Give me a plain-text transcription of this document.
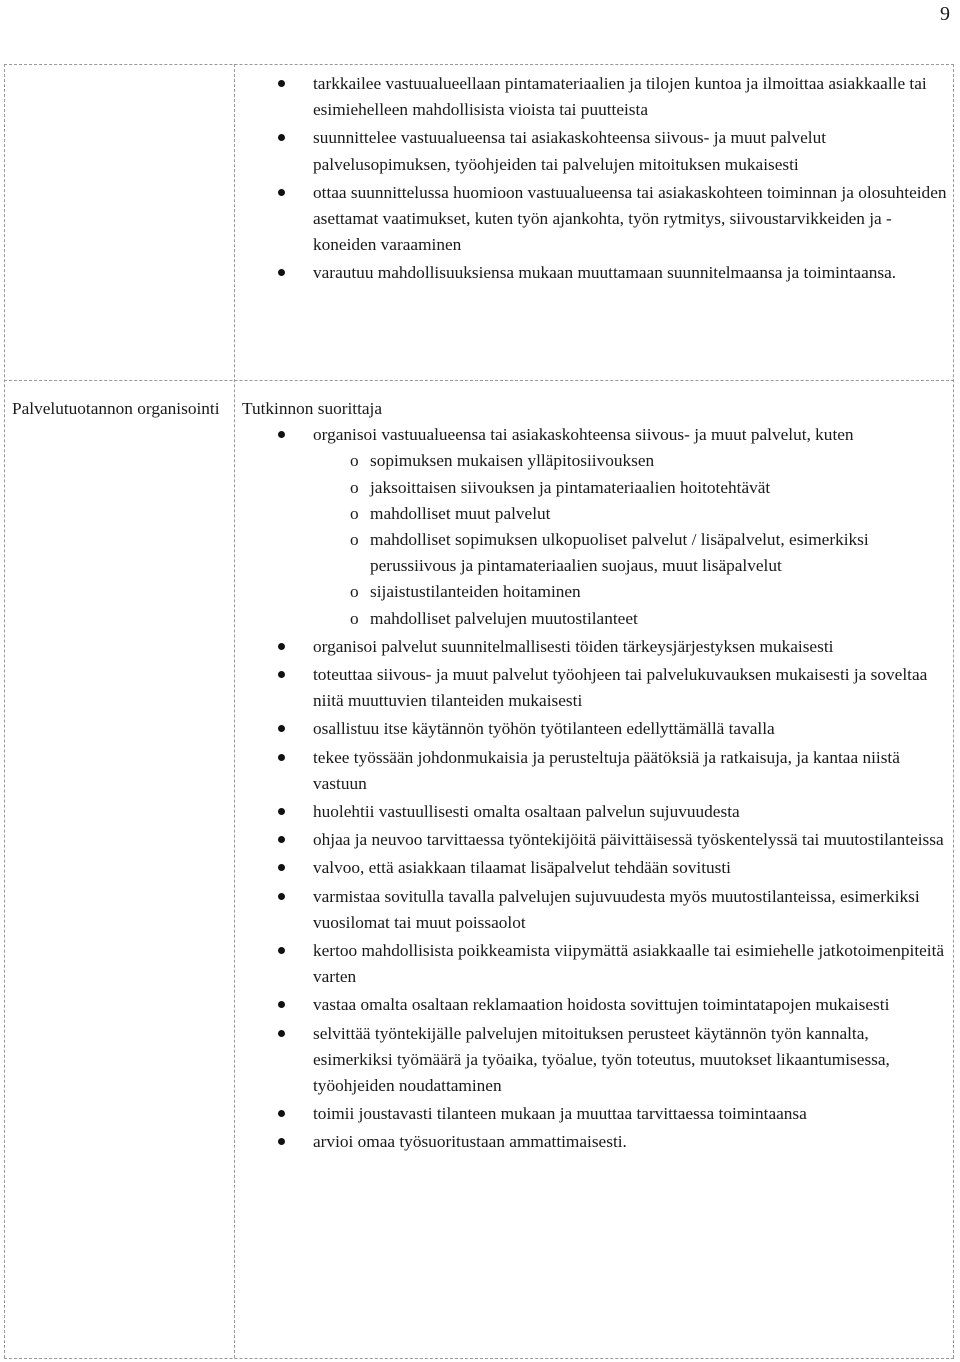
9
tarkkailee vastuualueellaan pintamateriaalien ja tilojen kuntoa ja ilmoittaa asiakkaalle tai esimiehelleen mahdollisista vioista tai puutteista
suunnittelee vastuualueensa tai asiakaskohteensa siivous- ja muut palvelut palvelusopimuksen, työohjeiden tai palvelujen mitoituksen mukaisesti
ottaa suunnittelussa huomioon vastuualueensa tai asiakaskohteen toiminnan ja olosuhteiden asettamat vaatimukset, kuten työn ajankohta, työn rytmitys, siivoustarvikkeiden ja -koneiden varaaminen
varautuu mahdollisuuksiensa mukaan muuttamaan suunnitelmaansa ja toimintaansa.

Palvelutuotannon organisointi	Tutkinnon suorittaja

organisoi vastuualueensa tai asiakaskohteensa siivous- ja muut palvelut, kuten
o sopimuksen mukaisen ylläpitosiivouksen
o jaksoittaisen siivouksen ja pintamateriaalien hoitotehtävät
o mahdolliset muut palvelut
o mahdolliset sopimuksen ulkopuoliset palvelut / lisäpalvelut, esimerkiksi perussiivous ja pintamateriaalien suojaus, muut lisäpalvelut
o sijaistustilanteiden hoitaminen
o mahdolliset palvelujen muutostilanteet
organisoi palvelut suunnitelmallisesti töiden tärkeysjärjestyksen mukaisesti
toteuttaa siivous- ja muut palvelut työohjeen tai palvelukuvauksen mukaisesti ja soveltaa niitä muuttuvien tilanteiden mukaisesti
osallistuu itse käytännön työhön työtilanteen edellyttämällä tavalla
tekee työssään johdonmukaisia ja perusteltuja päätöksiä ja ratkaisuja, ja kantaa niistä vastuun
huolehtii vastuullisesti omalta osaltaan palvelun sujuvuudesta
ohjaa ja neuvoo tarvittaessa työntekijöitä päivittäisessä työskentelyssä tai muutostilanteissa
valvoo, että asiakkaan tilaamat lisäpalvelut tehdään sovitusti
varmistaa sovitulla tavalla palvelujen sujuvuudesta myös muutostilanteissa, esimerkiksi vuosilomat tai muut poissaolot
kertoo mahdollisista poikkeamista viipymättä asiakkaalle tai esimiehelle jatkotoimenpiteitä varten
vastaa omalta osaltaan reklamaation hoidosta sovittujen toimintatapojen mukaisesti
selvittää työntekijälle palvelujen mitoituksen perusteet käytännön työn kannalta, esimerkiksi työmäärä ja työaika, työalue, työn toteutus, muutokset likaantumisessa, työohjeiden noudattaminen
toimii joustavasti tilanteen mukaan ja muuttaa tarvittaessa toimintaansa
arvioi omaa työsuoritustaan ammattimaisesti.
